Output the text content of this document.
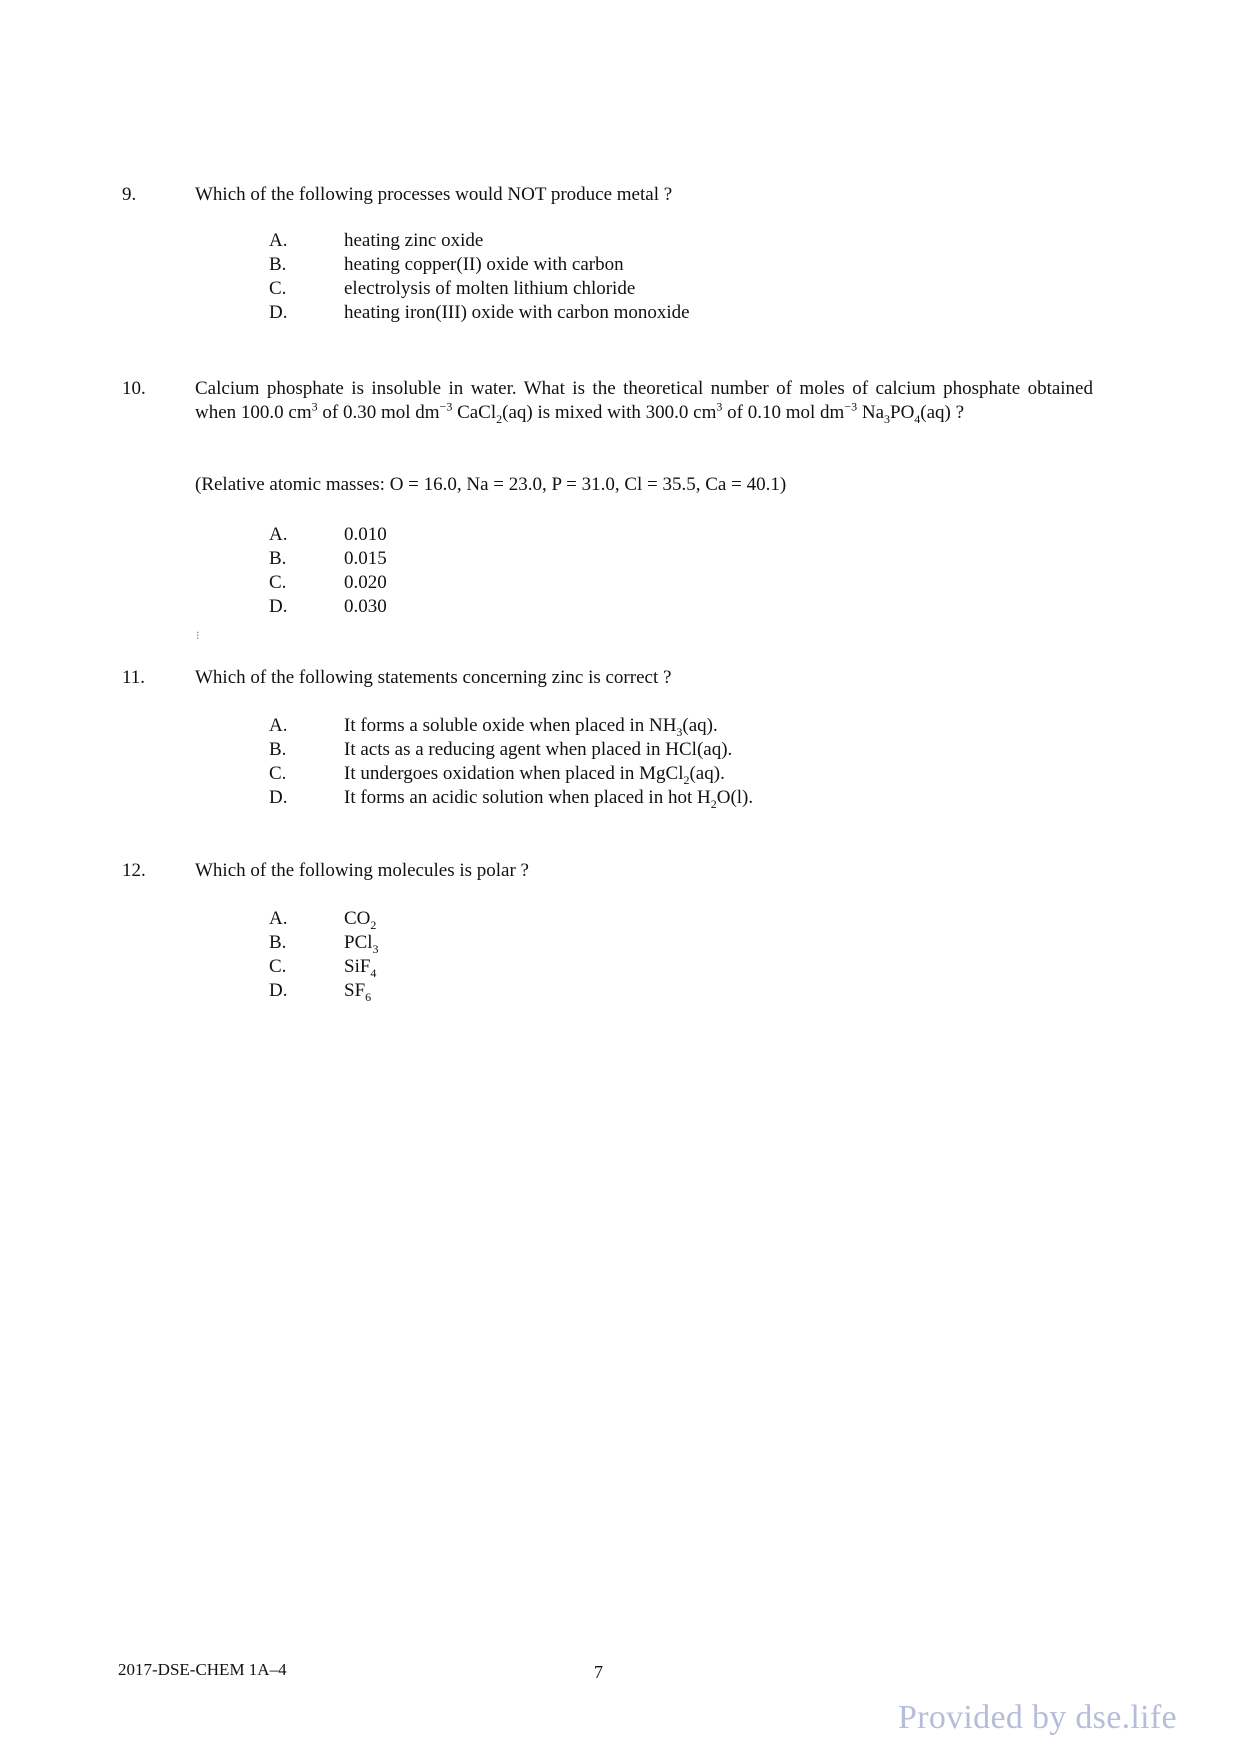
9.	Which of the following processes would NOT produce metal ?
A.	heating zinc oxide
B.	heating copper(II) oxide with carbon
C.	electrolysis of molten lithium chloride
D.	heating iron(III) oxide with carbon monoxide
10.	Calcium phosphate is insoluble in water. What is the theoretical number of moles of calcium phosphate obtained when 100.0 $cm^3$ of 0.30 mol $dm^{-3}$ CaCl$_2$(aq) is mixed with 300.0 $cm^3$ of 0.10 mol $dm^{-3}$ $Na_3PO_4(aq)$ ?
(Relative atomic masses: O = 16.0, Na = 23.0, P = 31.0, Cl = 35.5, Ca = 40.1)
A.	0.010
B.	0.015
C.	0.020
D.	0.030
⁝
11.	Which of the following statements concerning zinc is correct ?
A.	It forms a soluble oxide when placed in $NH_3(aq)$.
B.	It acts as a reducing agent when placed in HCl(aq).
C.	It undergoes oxidation when placed in MgCl$_2$(aq).
D.	It forms an acidic solution when placed in hot $H_2O(l)$.
12.	Which of the following molecules is polar ?
A.	$CO_2$
B.	PCl$_3$
C.	SiF$_4$
D.	$SF_6$
2017-DSE-CHEM 1A–4	7
Provided by dse.life
